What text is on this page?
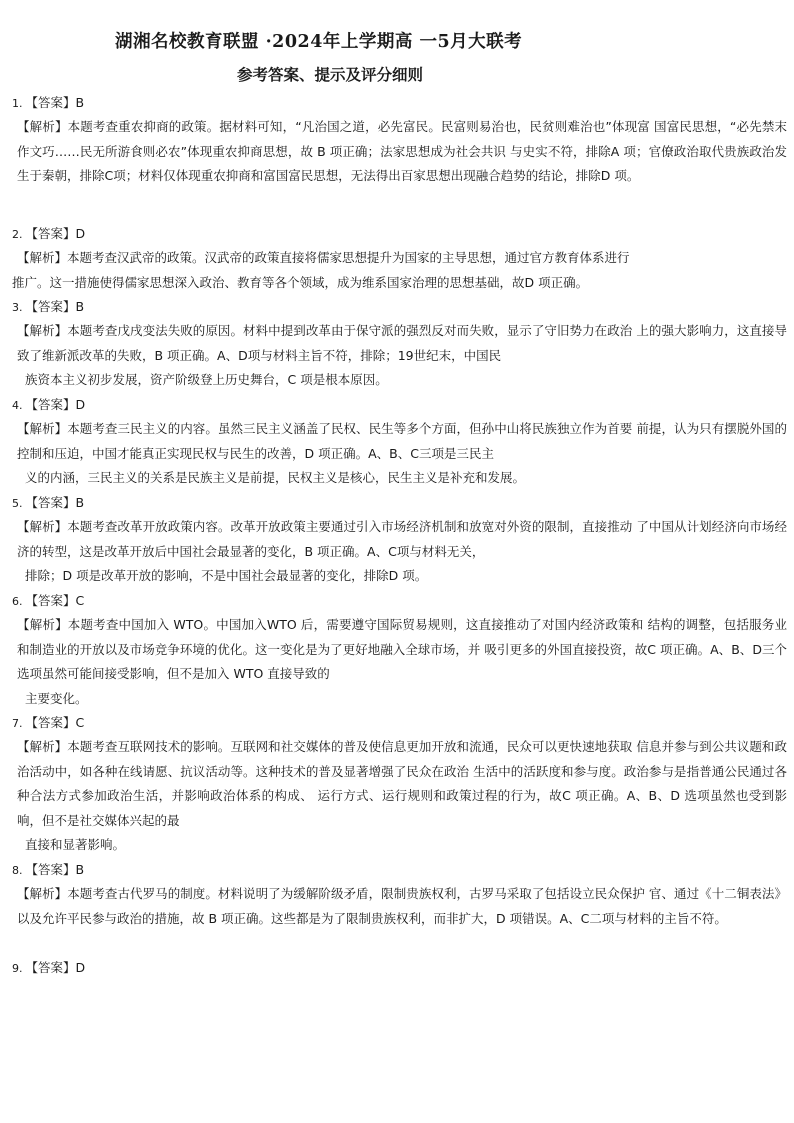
湖湘名校教育联盟 ·2024年上学期高 一5月大联考
参考答案、提示及评分细则
1. 【答案】B
【解析】本题考查重农抑商的政策。据材料可知，“凡治国之道，必先富民。民富则易治也，民贫则难治也”体现富 国富民思想，“必先禁末作文巧……民无所游食则必农”体现重农抑商思想，故 B 项正确；法家思想成为社会共识 与史实不符，排除A 项；官僚政治取代贵族政治发生于秦朝，排除C项；材料仅体现重农抑商和富国富民思想，无法得出百家思想出现融合趋势的结论，排除D 项。
2. 【答案】D
【解析】本题考查汉武帝的政策。汉武帝的政策直接将儒家思想提升为国家的主导思想，通过官方教育体系进行
推广。这一措施使得儒家思想深入政治、教育等各个领域，成为维系国家治理的思想基础，故D 项正确。
3. 【答案】B
【解析】本题考查戊戌变法失败的原因。材料中提到改革由于保守派的强烈反对而失败，显示了守旧势力在政治 上的强大影响力，这直接导致了维新派改革的失败，B 项正确。A、D项与材料主旨不符，排除；19世纪末，中国民
族资本主义初步发展，资产阶级登上历史舞台，C 项是根本原因。
4. 【答案】D
【解析】本题考查三民主义的内容。虽然三民主义涵盖了民权、民生等多个方面，但孙中山将民族独立作为首要 前提，认为只有摆脱外国的控制和压迫，中国才能真正实现民权与民生的改善，D 项正确。A、B、C三项是三民主
义的内涵，三民主义的关系是民族主义是前提，民权主义是核心，民生主义是补充和发展。
5. 【答案】B
【解析】本题考查改革开放政策内容。改革开放政策主要通过引入市场经济机制和放宽对外资的限制，直接推动 了中国从计划经济向市场经济的转型，这是改革开放后中国社会最显著的变化，B 项正确。A、C项与材料无关，
排除；D 项是改革开放的影响，不是中国社会最显著的变化，排除D 项。
6. 【答案】C
【解析】本题考查中国加入 WTO。中国加入WTO 后，需要遵守国际贸易规则，这直接推动了对国内经济政策和 结构的调整，包括服务业和制造业的开放以及市场竞争环境的优化。这一变化是为了更好地融入全球市场，并 吸引更多的外国直接投资，故C 项正确。A、B、D三个选项虽然可能间接受影响，但不是加入 WTO 直接导致的
主要变化。
7. 【答案】C
【解析】本题考查互联网技术的影响。互联网和社交媒体的普及使信息更加开放和流通，民众可以更快速地获取 信息并参与到公共议题和政治活动中，如各种在线请愿、抗议活动等。这种技术的普及显著增强了民众在政治 生活中的活跃度和参与度。政治参与是指普通公民通过各种合法方式参加政治生活，并影响政治体系的构成、 运行方式、运行规则和政策过程的行为，故C 项正确。A、B、D 选项虽然也受到影响，但不是社交媒体兴起的最
直接和显著影响。
8. 【答案】B
【解析】本题考查古代罗马的制度。材料说明了为缓解阶级矛盾，限制贵族权利，古罗马采取了包括设立民众保护 官、通过《十二铜表法》以及允许平民参与政治的措施，故 B 项正确。这些都是为了限制贵族权利，而非扩大，D 项错误。A、C二项与材料的主旨不符。
9. 【答案】D
